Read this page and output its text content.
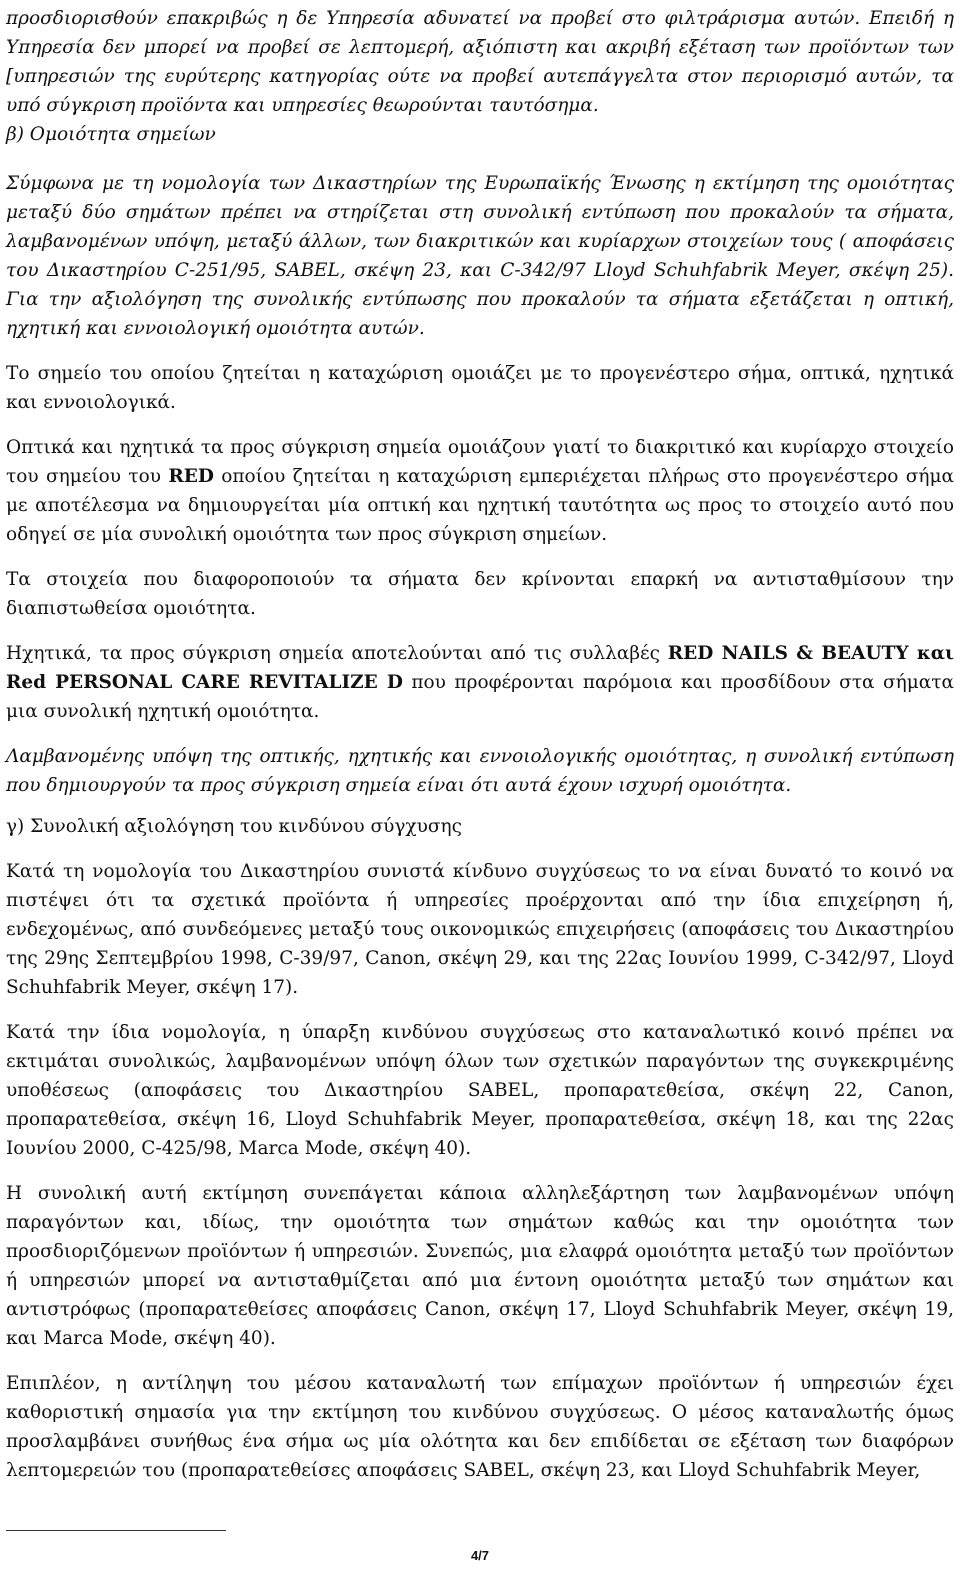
προσδιορισθούν επακριβώς η δε Υπηρεσία αδυνατεί να προβεί στο φιλτράρισμα αυτών. Επειδή η Υπηρεσία δεν μπορεί να προβεί σε λεπτομερή, αξιόπιστη και ακριβή εξέταση των προϊόντων των [υπηρεσιών της ευρύτερης κατηγορίας ούτε να προβεί αυτεπάγγελτα στον περιορισμό αυτών, τα υπό σύγκριση προϊόντα και υπηρεσίες θεωρούνται ταυτόσημα.

β) Ομοιότητα σημείων

Σύμφωνα με τη νομολογία των Δικαστηρίων της Ευρωπαϊκής Ένωσης η εκτίμηση της ομοιότητας μεταξύ δύο σημάτων πρέπει να στηρίζεται στη συνολική εντύπωση που προκαλούν τα σήματα, λαμβανομένων υπόψη, μεταξύ άλλων, των διακριτικών και κυρίαρχων στοιχείων τους ( αποφάσεις του Δικαστηρίου C-251/95, SABEL, σκέψη 23, και C-342/97 Lloyd Schuhfabrik Meyer, σκέψη 25). Για την αξιολόγηση της συνολικής εντύπωσης που προκαλούν τα σήματα εξετάζεται η οπτική, ηχητική και εννοιολογική ομοιότητα αυτών.

Το σημείο του οποίου ζητείται η καταχώριση ομοιάζει με το προγενέστερο σήμα, οπτικά, ηχητικά και εννοιολογικά.

Οπτικά και ηχητικά τα προς σύγκριση σημεία ομοιάζουν γιατί το διακριτικό και κυρίαρχο στοιχείο του σημείου του RED οποίου ζητείται η καταχώριση εμπεριέχεται πλήρως στο προγενέστερο σήμα με αποτέλεσμα να δημιουργείται μία οπτική και ηχητική ταυτότητα ως προς το στοιχείο αυτό που οδηγεί σε μία συνολική ομοιότητα των προς σύγκριση σημείων.

Τα στοιχεία που διαφοροποιούν τα σήματα δεν κρίνονται επαρκή να αντισταθμίσουν την διαπιστωθείσα ομοιότητα.

Ηχητικά, τα προς σύγκριση σημεία αποτελούνται από τις συλλαβές RED NAILS & BEAUTY και Red PERSONAL CARE REVITALIZE D που προφέρονται παρόμοια και προσδίδουν στα σήματα μια συνολική ηχητική ομοιότητα.

Λαμβανομένης υπόψη της οπτικής, ηχητικής και εννοιολογικής ομοιότητας, η συνολική εντύπωση που δημιουργούν τα προς σύγκριση σημεία είναι ότι αυτά έχουν ισχυρή ομοιότητα.

γ) Συνολική αξιολόγηση του κινδύνου σύγχυσης

Κατά τη νομολογία του Δικαστηρίου συνιστά κίνδυνο συγχύσεως το να είναι δυνατό το κοινό να πιστέψει ότι τα σχετικά προϊόντα ή υπηρεσίες προέρχονται από την ίδια επιχείρηση ή, ενδεχομένως, από συνδεόμενες μεταξύ τους οικονομικώς επιχειρήσεις (αποφάσεις του Δικαστηρίου της 29ης Σεπτεμβρίου 1998, C-39/97, Canon, σκέψη 29, και της 22ας Ιουνίου 1999, C-342/97, Lloyd Schuhfabrik Meyer, σκέψη 17).

Κατά την ίδια νομολογία, η ύπαρξη κινδύνου συγχύσεως στο καταναλωτικό κοινό πρέπει να εκτιμάται συνολικώς, λαμβανομένων υπόψη όλων των σχετικών παραγόντων της συγκεκριμένης υποθέσεως (αποφάσεις του Δικαστηρίου SABEL, προπαρατεθείσα, σκέψη 22, Canon, προπαρατεθείσα, σκέψη 16, Lloyd Schuhfabrik Meyer, προπαρατεθείσα, σκέψη 18, και της 22ας Ιουνίου 2000, C-425/98, Marca Mode, σκέψη 40).

Η συνολική αυτή εκτίμηση συνεπάγεται κάποια αλληλεξάρτηση των λαμβανομένων υπόψη παραγόντων και, ιδίως, την ομοιότητα των σημάτων καθώς και την ομοιότητα των προσδιοριζόμενων προϊόντων ή υπηρεσιών. Συνεπώς, μια ελαφρά ομοιότητα μεταξύ των προϊόντων ή υπηρεσιών μπορεί να αντισταθμίζεται από μια έντονη ομοιότητα μεταξύ των σημάτων και αντιστρόφως (προπαρατεθείσες αποφάσεις Canon, σκέψη 17, Lloyd Schuhfabrik Meyer, σκέψη 19, και Marca Mode, σκέψη 40).

Επιπλέον, η αντίληψη του μέσου καταναλωτή των επίμαχων προϊόντων ή υπηρεσιών έχει καθοριστική σημασία για την εκτίμηση του κινδύνου συγχύσεως. Ο μέσος καταναλωτής όμως προσλαμβάνει συνήθως ένα σήμα ως μία ολότητα και δεν επιδίδεται σε εξέταση των διαφόρων λεπτομερειών του (προπαρατεθείσες αποφάσεις SABEL, σκέψη 23, και Lloyd Schuhfabrik Meyer,

4/7
